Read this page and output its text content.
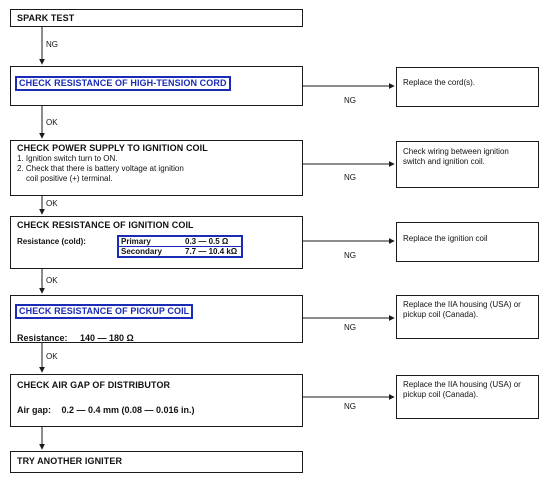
SPARK TEST
CHECK RESISTANCE OF HIGH-TENSION CORD
CHECK POWER SUPPLY TO IGNITION COIL
1. Ignition switch turn to ON.
2. Check that there is battery voltage at ignition
coil positive (+) terminal.
CHECK RESISTANCE OF IGNITION COIL
Resistance (cold):	Primary	0.3 — 0.5 Ω
Secondary	7.7 — 10.4 kΩ
CHECK RESISTANCE OF PICKUP COIL
Resistance: 140 — 180 Ω
CHECK AIR GAP OF DISTRIBUTOR
Air gap: 0.2 — 0.4 mm (0.08 — 0.016 in.)
TRY ANOTHER IGNITER
Replace the cord(s).
Check wiring between ignition switch and ignition coil.
Replace the ignition coil
Replace the IIA housing (USA) or pickup coil (Canada).
Replace the IIA housing (USA) or pickup coil (Canada).
NG
OK
OK
OK
OK
NG
NG
NG
NG
NG
